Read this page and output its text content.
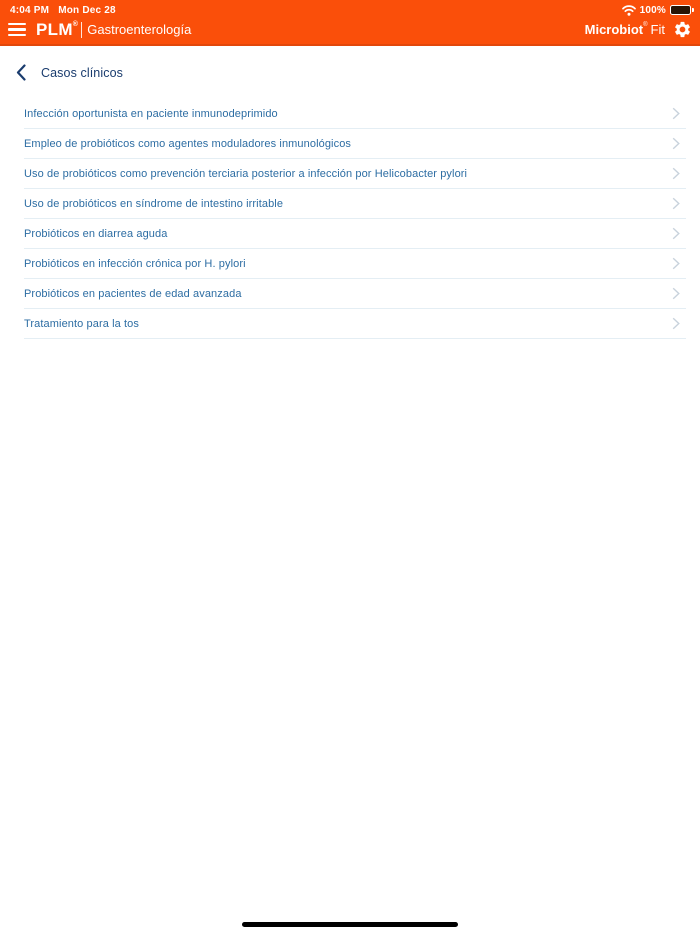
4:04 PM Mon Dec 28	100%
PLM® Gastroenterología	Microbiot® Fit
Casos clínicos
Infección oportunista en paciente inmunodeprimido
Empleo de probióticos como agentes moduladores inmunológicos
Uso de probióticos como prevención terciaria posterior a infección por Helicobacter pylori
Uso de probióticos en síndrome de intestino irritable
Probióticos en diarrea aguda
Probióticos en infección crónica por H. pylori
Probióticos en pacientes de edad avanzada
Tratamiento para la tos
